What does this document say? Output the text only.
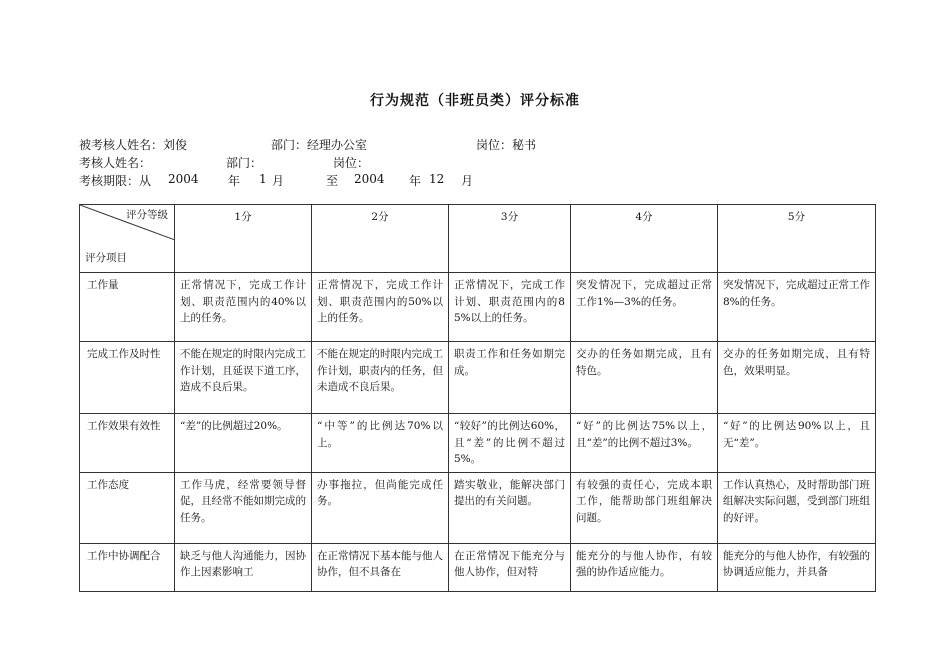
行为规范（非班员类）评分标准
被考核人姓名：刘俊	部门：经理办公室	岗位：秘书
考核人姓名：	部门：	岗位：
考核期限：从 2004 年 1 月	至 2004 年 12 月
评分等级
评分项目	1分	2分	3分	4分	5分
工作量	正常情况下，完成工作计划、职责范围内的40%以上的任务。	正常情况下，完成工作计划、职责范围内的50%以上的任务。	正常情况下，完成工作计划、职责范围内的85%以上的任务。	突发情况下，完成超过正常工作1%—3%的任务。	突发情况下，完成超过正常工作8%的任务。
完成工作及时性	不能在规定的时限内完成工作计划，且延误下道工序，造成不良后果。	不能在规定的时限内完成工作计划，职责内的任务，但未造成不良后果。	职责工作和任务如期完成。	交办的任务如期完成，且有特色。	交办的任务如期完成，且有特色，效果明显。
工作效果有效性	“差”的比例超过20%。	“中等”的比例达70%以上。	“较好”的比例达60%，且“差”的比例不超过5%。	“好”的比例达75%以上，且“差”的比例不超过3%。	“好”的比例达90%以上，且无“差”。
工作态度	工作马虎，经常要领导督促，且经常不能如期完成的任务。	办事拖拉，但尚能完成任务。	踏实敬业，能解决部门提出的有关问题。	有较强的责任心，完成本职工作，能帮助部门班组解决问题。	工作认真热心，及时帮助部门班组解决实际问题，受到部门班组的好评。
工作中协调配合	缺乏与他人沟通能力，因协作上因素影响工	在正常情况下基本能与他人协作，但不具备在	在正常情况下能充分与他人协作，但对特	能充分的与他人协作，有较强的协作适应能力。	能充分的与他人协作，有较强的协调适应能力，并具备
